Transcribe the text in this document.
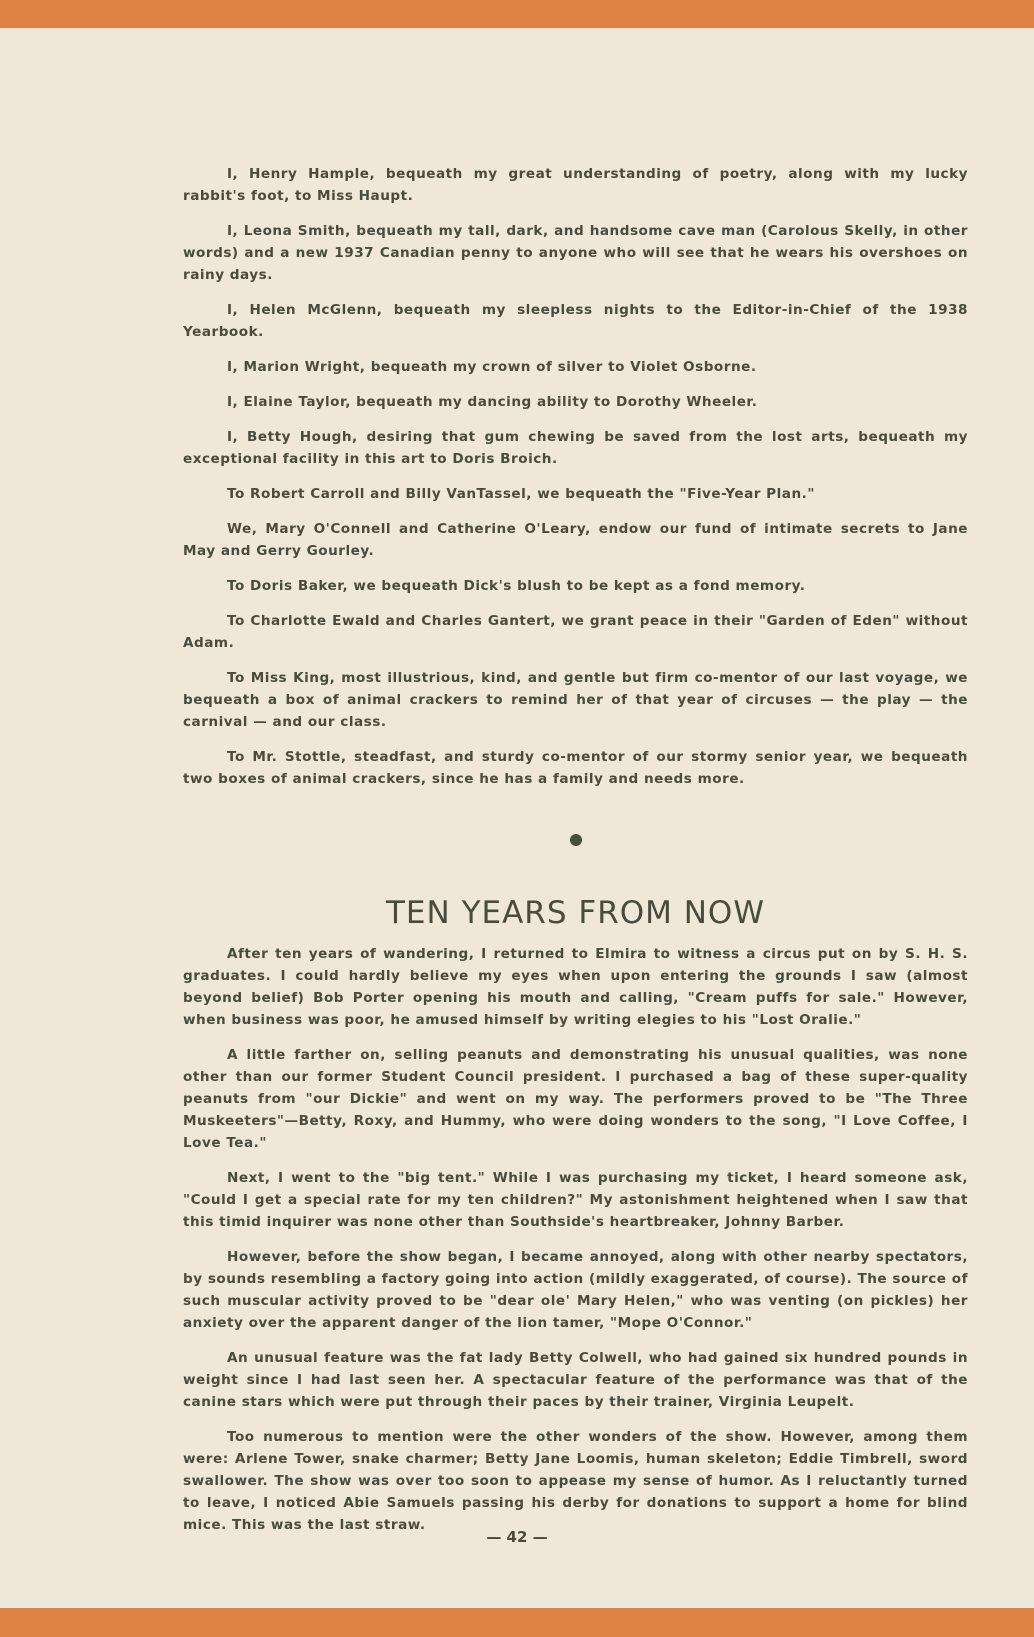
I, Henry Hample, bequeath my great understanding of poetry, along with my lucky rabbit's foot, to Miss Haupt.

I, Leona Smith, bequeath my tall, dark, and handsome cave man (Carolous Skelly, in other words) and a new 1937 Canadian penny to anyone who will see that he wears his overshoes on rainy days.

I, Helen McGlenn, bequeath my sleepless nights to the Editor-in-Chief of the 1938 Yearbook.

I, Marion Wright, bequeath my crown of silver to Violet Osborne.

I, Elaine Taylor, bequeath my dancing ability to Dorothy Wheeler.

I, Betty Hough, desiring that gum chewing be saved from the lost arts, bequeath my exceptional facility in this art to Doris Broich.

To Robert Carroll and Billy VanTassel, we bequeath the "Five-Year Plan."

We, Mary O'Connell and Catherine O'Leary, endow our fund of intimate secrets to Jane May and Gerry Gourley.

To Doris Baker, we bequeath Dick's blush to be kept as a fond memory.

To Charlotte Ewald and Charles Gantert, we grant peace in their "Garden of Eden" without Adam.

To Miss King, most illustrious, kind, and gentle but firm co-mentor of our last voyage, we bequeath a box of animal crackers to remind her of that year of circuses — the play — the carnival — and our class.

To Mr. Stottle, steadfast, and sturdy co-mentor of our stormy senior year, we bequeath two boxes of animal crackers, since he has a family and needs more.

TEN YEARS FROM NOW

After ten years of wandering, I returned to Elmira to witness a circus put on by S. H. S. graduates. I could hardly believe my eyes when upon entering the grounds I saw (almost beyond belief) Bob Porter opening his mouth and calling, "Cream puffs for sale." However, when business was poor, he amused himself by writing elegies to his "Lost Oralie."

A little farther on, selling peanuts and demonstrating his unusual qualities, was none other than our former Student Council president. I purchased a bag of these super-quality peanuts from "our Dickie" and went on my way. The performers proved to be "The Three Muskeeters"—Betty, Roxy, and Hummy, who were doing wonders to the song, "I Love Coffee, I Love Tea."

Next, I went to the "big tent." While I was purchasing my ticket, I heard someone ask, "Could I get a special rate for my ten children?" My astonishment heightened when I saw that this timid inquirer was none other than Southside's heartbreaker, Johnny Barber.

However, before the show began, I became annoyed, along with other nearby spectators, by sounds resembling a factory going into action (mildly exaggerated, of course). The source of such muscular activity proved to be "dear ole' Mary Helen," who was venting (on pickles) her anxiety over the apparent danger of the lion tamer, "Mope O'Connor."

An unusual feature was the fat lady Betty Colwell, who had gained six hundred pounds in weight since I had last seen her. A spectacular feature of the performance was that of the canine stars which were put through their paces by their trainer, Virginia Leupelt.

Too numerous to mention were the other wonders of the show. However, among them were: Arlene Tower, snake charmer; Betty Jane Loomis, human skeleton; Eddie Timbrell, sword swallower. The show was over too soon to appease my sense of humor. As I reluctantly turned to leave, I noticed Abie Samuels passing his derby for donations to support a home for blind mice. This was the last straw.

— 42 —
